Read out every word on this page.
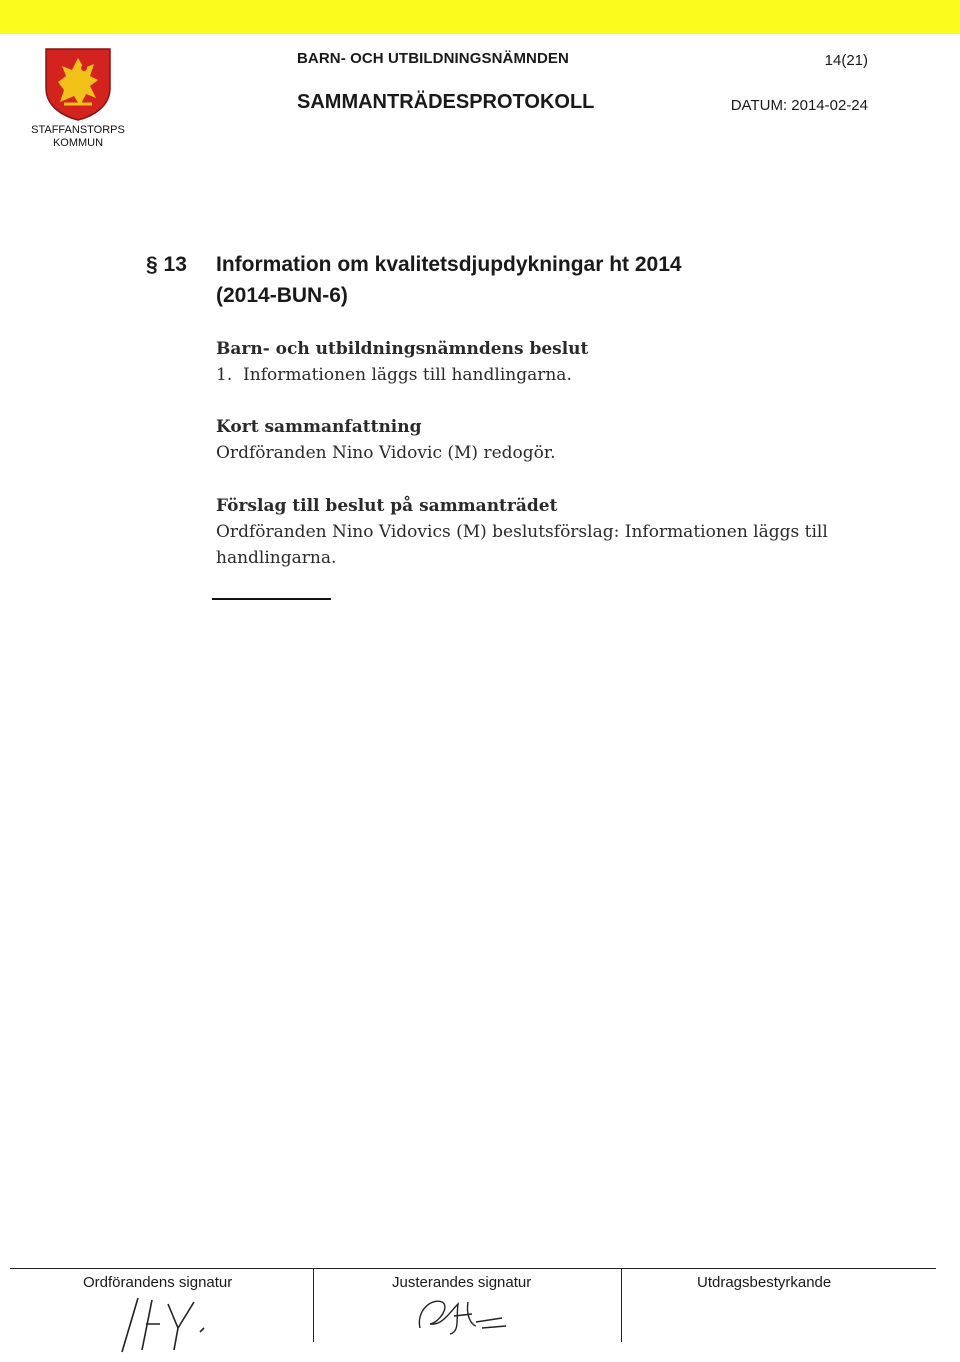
STAFFANSTORPS
KOMMUN
BARN- OCH UTBILDNINGSNÄMNDEN	14(21)
SAMMANTRÄDESPROTOKOLL	DATUM: 2014-02-24
§ 13 Information om kvalitetsdjupdykningar ht 2014
(2014-BUN-6)
Barn- och utbildningsnämndens beslut
1.  Informationen läggs till handlingarna.
Kort sammanfattning
Ordföranden Nino Vidovic (M) redogör.
Förslag till beslut på sammanträdet
Ordföranden Nino Vidovics (M) beslutsförslag: Informationen läggs till
handlingarna.
Ordförandens signatur	Justerandes signatur	Utdragsbestyrkande
